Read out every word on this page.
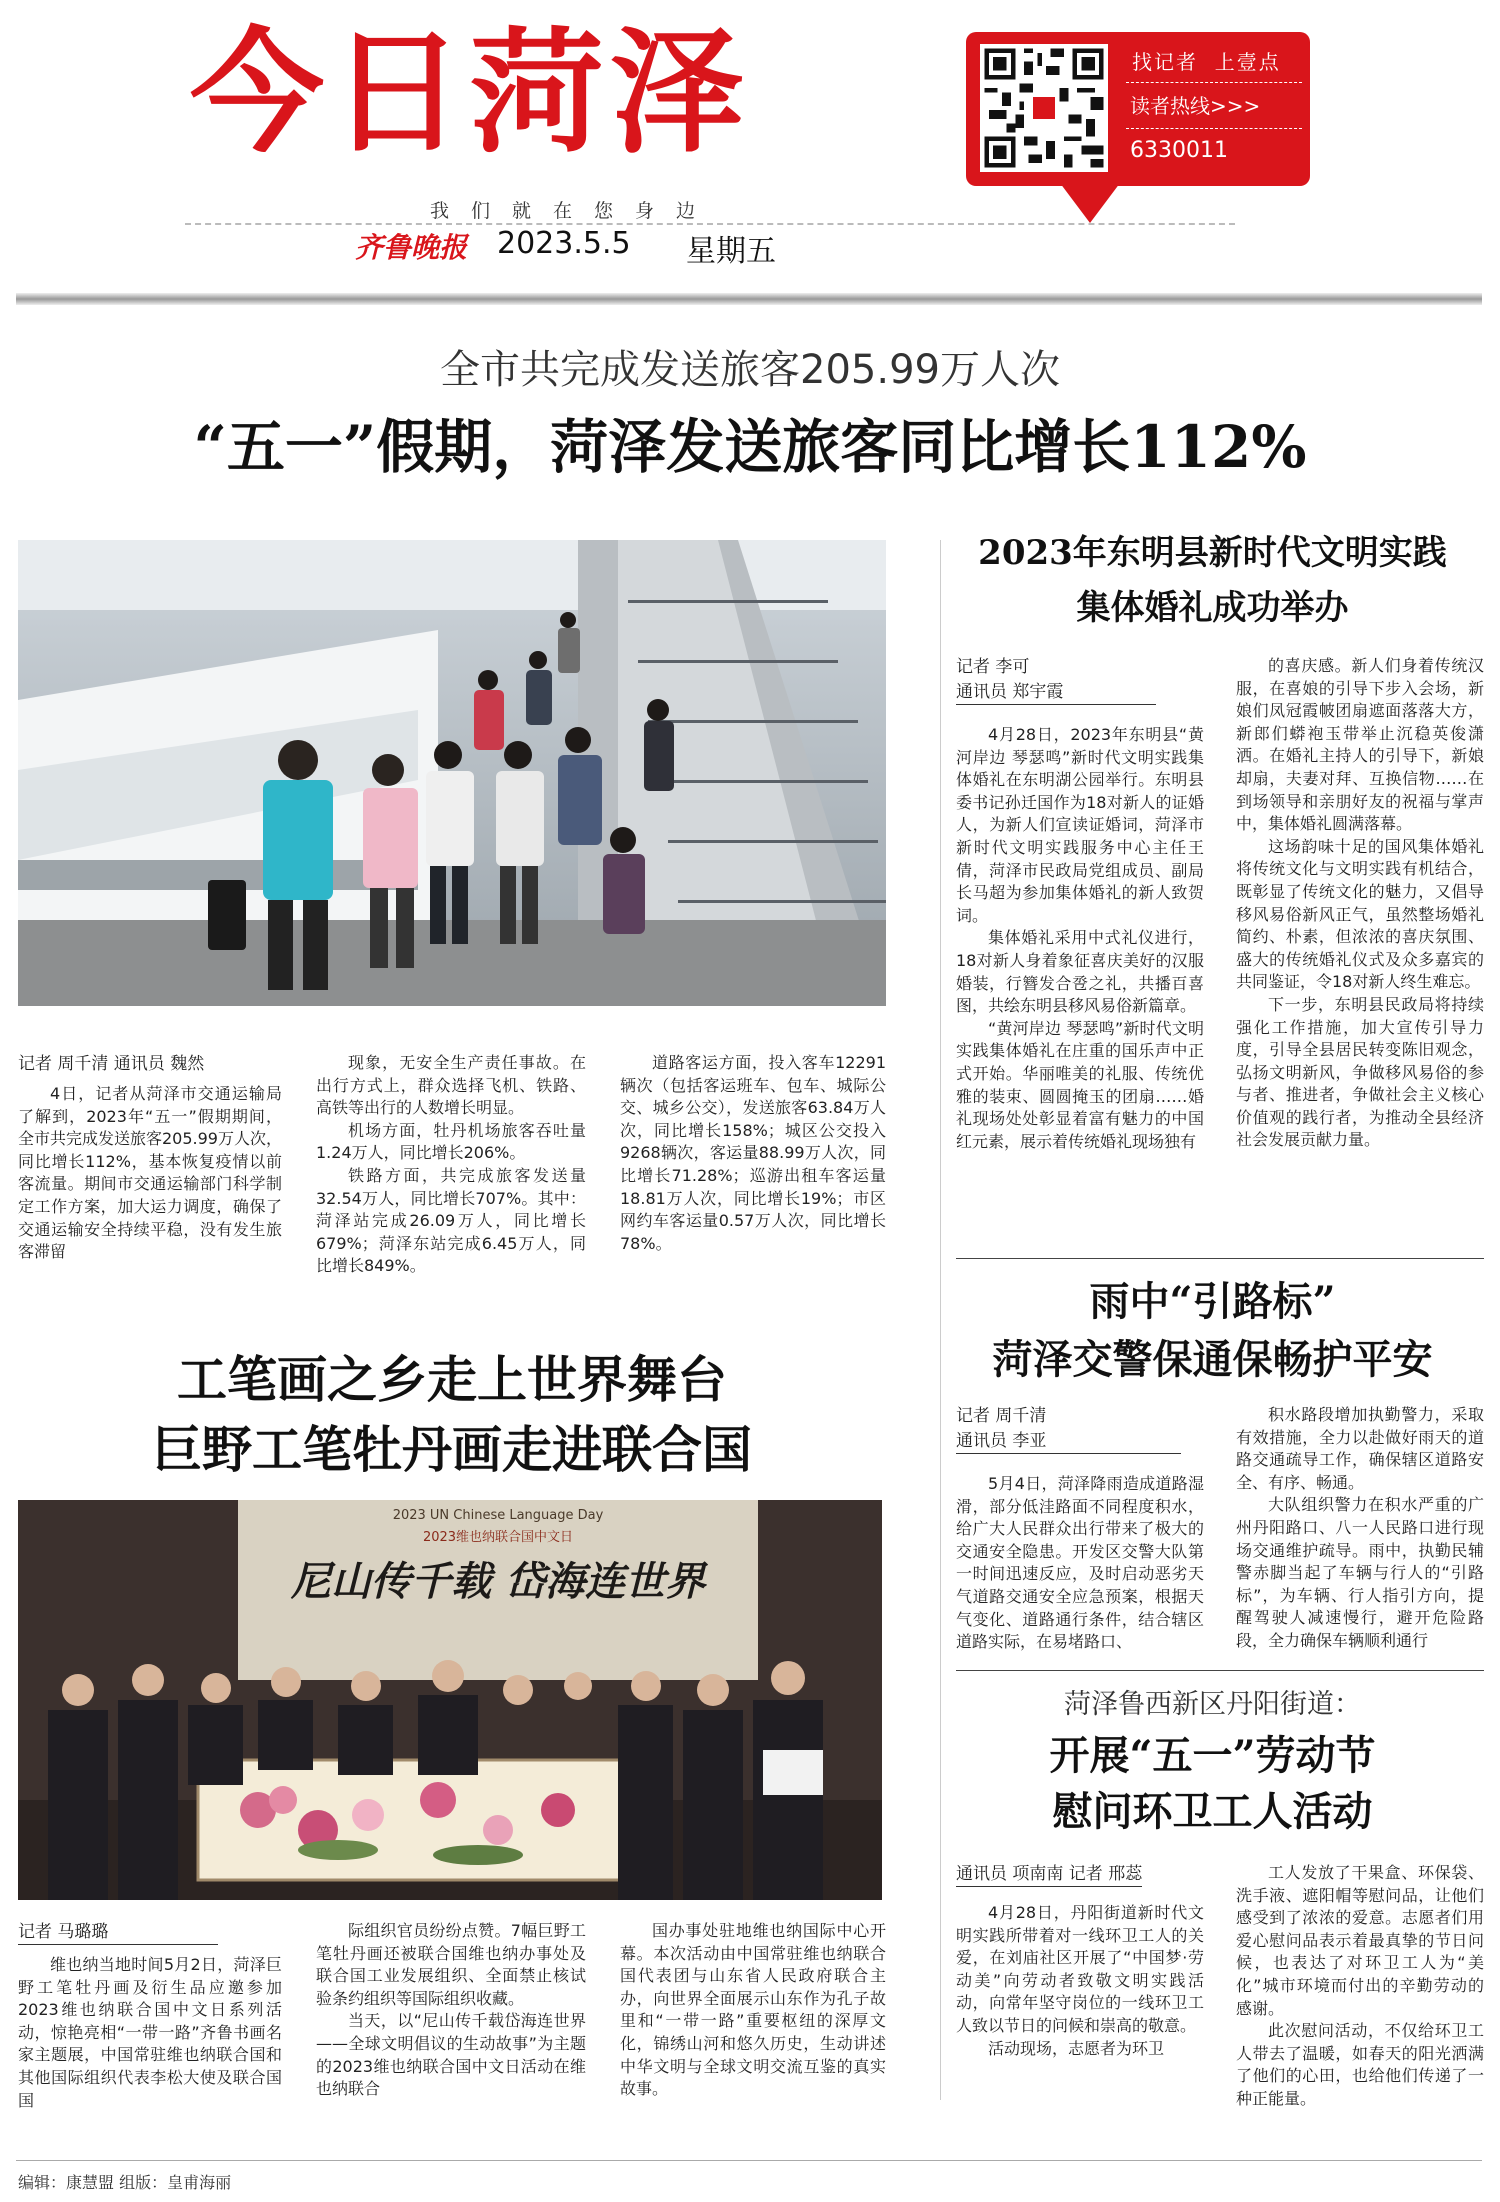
今日菏泽
我们就在您身边
齐鲁晚报 2023.5.5 星期五
找记者  上壹点
读者热线>>>
6330011
全市共完成发送旅客205.99万人次
“五一”假期，菏泽发送旅客同比增长112%
记者 周千清 通讯员 魏然

4日，记者从菏泽市交通运输局了解到，2023年“五一”假期期间，全市共完成发送旅客205.99万人次，同比增长112%，基本恢复疫情以前客流量。期间市交通运输部门科学制定工作方案，加大运力调度，确保了交通运输安全持续平稳，没有发生旅客滞留

现象，无安全生产责任事故。在出行方式上，群众选择飞机、铁路、高铁等出行的人数增长明显。

机场方面，牡丹机场旅客吞吐量1.24万人，同比增长206%。

铁路方面，共完成旅客发送量32.54万人，同比增长707%。其中：菏泽站完成26.09万人，同比增长679%；菏泽东站完成6.45万人，同比增长849%。

道路客运方面，投入客车12291辆次（包括客运班车、包车、城际公交、城乡公交），发送旅客63.84万人次，同比增长158%；城区公交投入9268辆次，客运量88.99万人次，同比增长71.28%；巡游出租车客运量18.81万人次，同比增长19%；市区网约车客运量0.57万人次，同比增长78%。

2023年东明县新时代文明实践
集体婚礼成功举办
记者 李可
通讯员 郑宇霞

4月28日，2023年东明县“黄河岸边 琴瑟鸣”新时代文明实践集体婚礼在东明湖公园举行。东明县委书记孙迁国作为18对新人的证婚人，为新人们宣读证婚词，菏泽市新时代文明实践服务中心主任王倩，菏泽市民政局党组成员、副局长马超为参加集体婚礼的新人致贺词。

集体婚礼采用中式礼仪进行，18对新人身着象征喜庆美好的汉服婚装，行簪发合卺之礼，共播百喜图，共绘东明县移风易俗新篇章。

“黄河岸边 琴瑟鸣”新时代文明实践集体婚礼在庄重的国乐声中正式开始。华丽唯美的礼服、传统优雅的装束、圆圆掩玉的团扇……婚礼现场处处彰显着富有魅力的中国红元素，展示着传统婚礼现场独有

的喜庆感。新人们身着传统汉服，在喜娘的引导下步入会场，新娘们凤冠霞帔团扇遮面落落大方，新郎们蟒袍玉带举止沉稳英俊潇洒。在婚礼主持人的引导下，新娘却扇，夫妻对拜、互换信物……在到场领导和亲朋好友的祝福与掌声中，集体婚礼圆满落幕。

这场韵味十足的国风集体婚礼将传统文化与文明实践有机结合，既彰显了传统文化的魅力，又倡导移风易俗新风正气，虽然整场婚礼简约、朴素，但浓浓的喜庆氛围、盛大的传统婚礼仪式及众多嘉宾的共同鉴证，令18对新人终生难忘。

下一步，东明县民政局将持续强化工作措施，加大宣传引导力度，引导全县居民转变陈旧观念，弘扬文明新风，争做移风易俗的参与者、推进者，争做社会主义核心价值观的践行者，为推动全县经济社会发展贡献力量。

雨中“引路标”
菏泽交警保通保畅护平安
记者 周千清
通讯员 李亚

5月4日，菏泽降雨造成道路湿滑，部分低洼路面不同程度积水，给广大人民群众出行带来了极大的交通安全隐患。开发区交警大队第一时间迅速反应，及时启动恶劣天气道路交通安全应急预案，根据天气变化、道路通行条件，结合辖区道路实际，在易堵路口、

积水路段增加执勤警力，采取有效措施，全力以赴做好雨天的道路交通疏导工作，确保辖区道路安全、有序、畅通。

大队组织警力在积水严重的广州丹阳路口、八一人民路口进行现场交通维护疏导。雨中，执勤民辅警赤脚当起了车辆与行人的“引路标”，为车辆、行人指引方向，提醒驾驶人减速慢行，避开危险路段，全力确保车辆顺利通行

菏泽鲁西新区丹阳街道：
开展“五一”劳动节
慰问环卫工人活动
通讯员 项南南 记者 邢蕊

4月28日，丹阳街道新时代文明实践所带着对一线环卫工人的关爱，在刘庙社区开展了“中国梦·劳动美”向劳动者致敬文明实践活动，向常年坚守岗位的一线环卫工人致以节日的问候和崇高的敬意。

活动现场，志愿者为环卫

工人发放了干果盒、环保袋、洗手液、遮阳帽等慰问品，让他们感受到了浓浓的爱意。志愿者们用爱心慰问品表示着最真挚的节日问候，也表达了对环卫工人为“美化”城市环境而付出的辛勤劳动的感谢。

此次慰问活动，不仅给环卫工人带去了温暖，如春天的阳光洒满了他们的心田，也给他们传递了一种正能量。

工笔画之乡走上世界舞台
巨野工笔牡丹画走进联合国
2023 UN Chinese Language Day
2023维也纳联合国中文日
尼山传千载 岱海连世界
记者 马璐璐

维也纳当地时间5月2日，菏泽巨野工笔牡丹画及衍生品应邀参加2023维也纳联合国中文日系列活动，惊艳亮相“一带一路”齐鲁书画名家主题展，中国常驻维也纳联合国和其他国际组织代表李松大使及联合国国

际组织官员纷纷点赞。7幅巨野工笔牡丹画还被联合国维也纳办事处及联合国工业发展组织、全面禁止核试验条约组织等国际组织收藏。

当天，以“尼山传千载岱海连世界——全球文明倡议的生动故事”为主题的2023维也纳联合国中文日活动在维也纳联合

国办事处驻地维也纳国际中心开幕。本次活动由中国常驻维也纳联合国代表团与山东省人民政府联合主办，向世界全面展示山东作为孔子故里和“一带一路”重要枢纽的深厚文化，锦绣山河和悠久历史，生动讲述中华文明与全球文明交流互鉴的真实故事。

编辑：康慧盟 组版：皇甫海丽
